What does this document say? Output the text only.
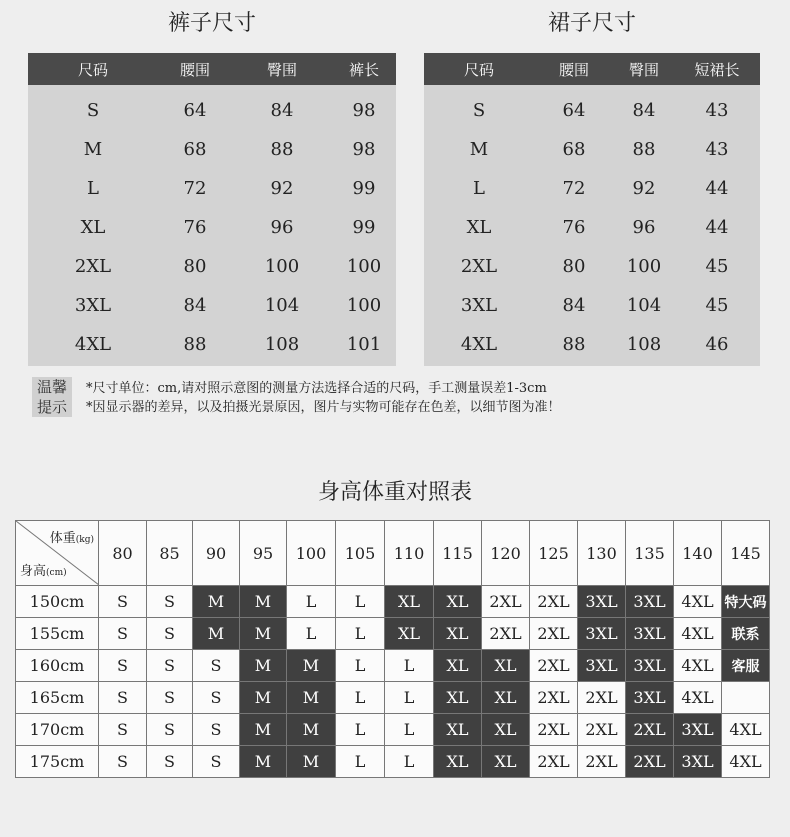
裤子尺寸
尺码	腰围	臀围	裤长
S	64	84	98
M	68	88	98
L	72	92	99
XL	76	96	99
2XL	80	100	100
3XL	84	104	100
4XL	88	108	101
裙子尺寸
尺码	腰围	臀围	短裙长
S	64	84	43
M	68	88	43
L	72	92	44
XL	76	96	44
2XL	80	100	45
3XL	84	104	45
4XL	88	108	46
温馨
提示
*尺寸单位：cm,请对照示意图的测量方法选择合适的尺码，手工测量误差1-3cm
*因显示器的差异，以及拍摄光景原因，图片与实物可能存在色差，以细节图为准！
身高体重对照表
体重(kg)
身高(cm)	80	85	90	95	100	105	110	115	120	125	130	135	140	145
150cm	S	S	M	M	L	L	XL	XL	2XL	2XL	3XL	3XL	4XL	特大码
155cm	S	S	M	M	L	L	XL	XL	2XL	2XL	3XL	3XL	4XL	联系
160cm	S	S	S	M	M	L	L	XL	XL	2XL	3XL	3XL	4XL	客服
165cm	S	S	S	M	M	L	L	XL	XL	2XL	2XL	3XL	4XL	
170cm	S	S	S	M	M	L	L	XL	XL	2XL	2XL	2XL	3XL	4XL
175cm	S	S	S	M	M	L	L	XL	XL	2XL	2XL	2XL	3XL	4XL
